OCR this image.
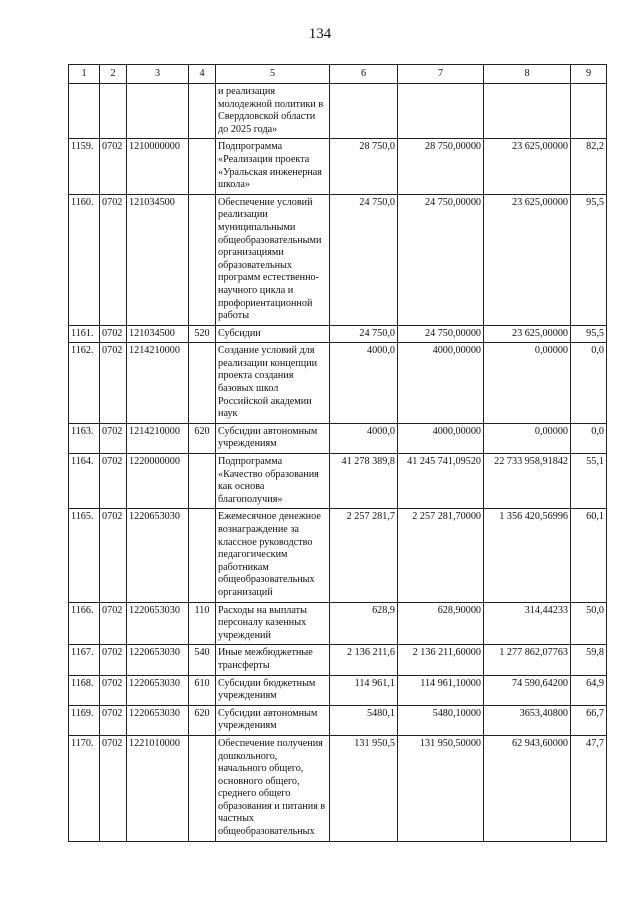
134
1	2	3	4	5	6	7	8	9
				и реализация молодежной политики в Свердловской области до 2025 года»				
1159.	0702	1210000000		Подпрограмма «Реализация проекта «Уральская инженерная школа»	28 750,0	28 750,00000	23 625,00000	82,2
1160.	0702	121034500		Обеспечение условий реализации муниципальными общеобразовательными организациями образовательных программ естественно-научного цикла и профориентационной работы	24 750,0	24 750,00000	23 625,00000	95,5
1161.	0702	121034500	520	Субсидии	24 750,0	24 750,00000	23 625,00000	95,5
1162.	0702	1214210000		Создание условий для реализации концепции проекта создания базовых школ Российской академии наук	4000,0	4000,00000	0,00000	0,0
1163.	0702	1214210000	620	Субсидии автономным учреждениям	4000,0	4000,00000	0,00000	0,0
1164.	0702	1220000000		Подпрограмма «Качество образования как основа благополучия»	41 278 389,8	41 245 741,09520	22 733 958,91842	55,1
1165.	0702	1220653030		Ежемесячное денежное вознаграждение за классное руководство педагогическим работникам общеобразовательных организаций	2 257 281,7	2 257 281,70000	1 356 420,56996	60,1
1166.	0702	1220653030	110	Расходы на выплаты персоналу казенных учреждений	628,9	628,90000	314,44233	50,0
1167.	0702	1220653030	540	Иные межбюджетные трансферты	2 136 211,6	2 136 211,60000	1 277 862,07763	59,8
1168.	0702	1220653030	610	Субсидии бюджетным учреждениям	114 961,1	114 961,10000	74 590,64200	64,9
1169.	0702	1220653030	620	Субсидии автономным учреждениям	5480,1	5480,10000	3653,40800	66,7
1170.	0702	1221010000		Обеспечение получения дошкольного, начального общего, основного общего, среднего общего образования и питания в частных общеобразовательных	131 950,5	131 950,50000	62 943,60000	47,7
